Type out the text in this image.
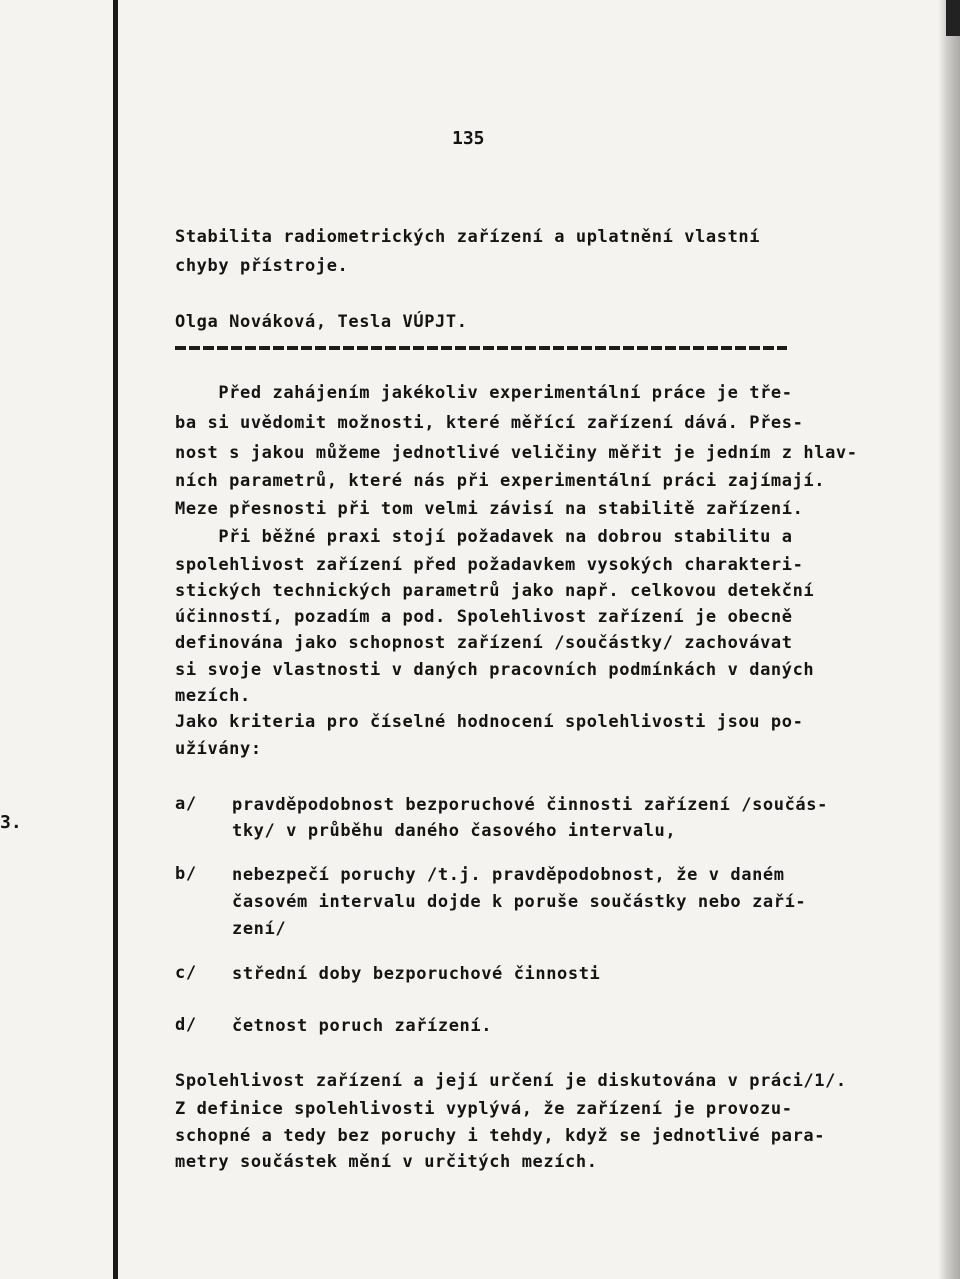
135
Stabilita radiometrických zařízení a uplatnění vlastní
chyby přístroje.
Olga Nováková, Tesla VÚPJT.
Před zahájením jakékoliv experimentální práce je tře-
ba si uvědomit možnosti, které měřící zařízení dává. Přes-
nost s jakou můžeme jednotlivé veličiny měřit je jedním z hlav-
ních parametrů, které nás při experimentální práci zajímají.
Meze přesnosti při tom velmi závisí na stabilitě zařízení.
Při běžné praxi stojí požadavek na dobrou stabilitu a
spolehlivost zařízení před požadavkem vysokých charakteri-
stických technických parametrů jako např. celkovou detekční
účinností, pozadím a pod. Spolehlivost zařízení je obecně
definována jako schopnost zařízení /součástky/ zachovávat
si svoje vlastnosti v daných pracovních podmínkách v daných
mezích.
Jako kriteria pro číselné hodnocení spolehlivosti jsou po-
užívány:
3.
a/ pravděpodobnost bezporuchové činnosti zařízení /součás-
tky/ v průběhu daného časového intervalu,
b/ nebezpečí poruchy /t.j. pravděpodobnost, že v daném
časovém intervalu dojde k poruše součástky nebo zaří-
zení/
c/ střední doby bezporuchové činnosti
d/ četnost poruch zařízení.
Spolehlivost zařízení a její určení je diskutována v práci/1/.
Z definice spolehlivosti vyplývá, že zařízení je provozu-
schopné a tedy bez poruchy i tehdy, když se jednotlivé para-
metry součástek mění v určitých mezích.
